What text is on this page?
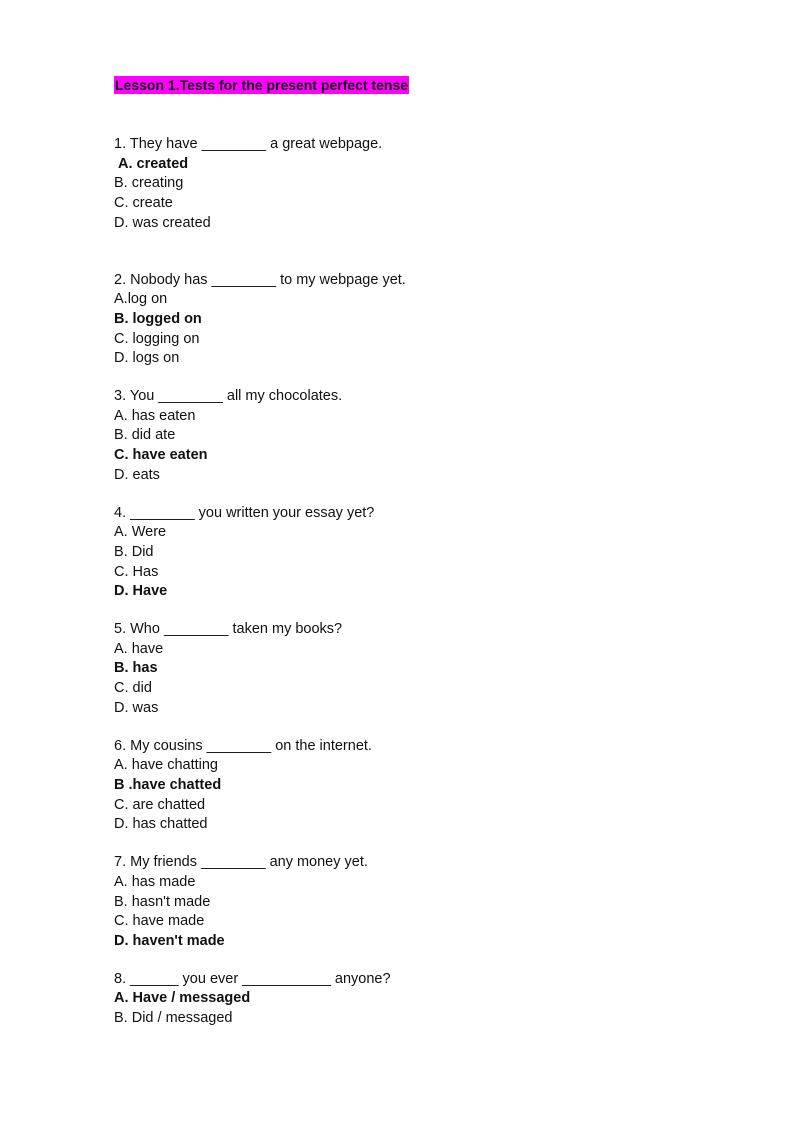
Lesson 1.Tests for the present perfect tense

1. They have ________ a great webpage.

A. created

B. creating

C. create

D. was created

2. Nobody has ________ to my webpage yet.

A.log on

B. logged on

C. logging on

D. logs on

3. You ________ all my chocolates.

A. has eaten

B. did ate

C. have eaten

D. eats

4. ________ you written your essay yet?

A. Were

B. Did

C. Has

D. Have

5. Who ________ taken my books?

A. have

B. has

C. did

D. was

6. My cousins ________ on the internet.

A. have chatting

B .have chatted

C. are chatted

D. has chatted

7. My friends ________ any money yet.

A. has made

B. hasn't made

C. have made

D. haven't made

8. ______ you ever ___________ anyone?

A. Have / messaged

B. Did / messaged
